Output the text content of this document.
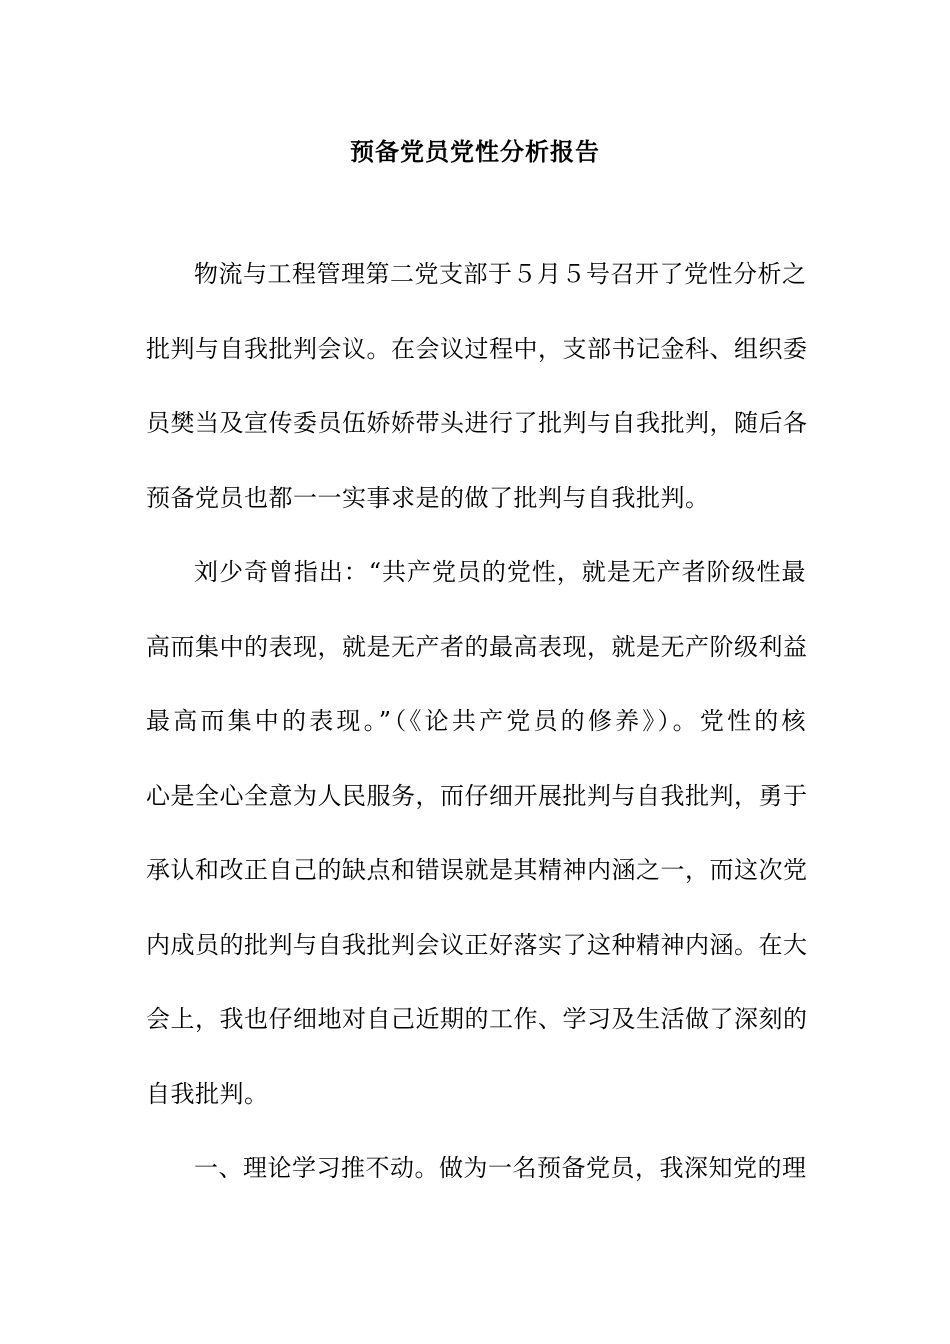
预备党员党性分析报告
物流与工程管理第二党支部于５月５号召开了党性分析之
批判与自我批判会议。在会议过程中，支部书记金科、组织委
员樊当及宣传委员伍娇娇带头进行了批判与自我批判，随后各
预备党员也都一一实事求是的做了批判与自我批判。
刘少奇曾指出：“共产党员的党性，就是无产者阶级性最
高而集中的表现，就是无产者的最高表现，就是无产阶级利益
最高而集中的表现。”（《论共产党员的修养》）。党性的核
心是全心全意为人民服务，而仔细开展批判与自我批判，勇于
承认和改正自己的缺点和错误就是其精神内涵之一，而这次党
内成员的批判与自我批判会议正好落实了这种精神内涵。在大
会上，我也仔细地对自己近期的工作、学习及生活做了深刻的
自我批判。
一、理论学习推不动。做为一名预备党员，我深知党的理
